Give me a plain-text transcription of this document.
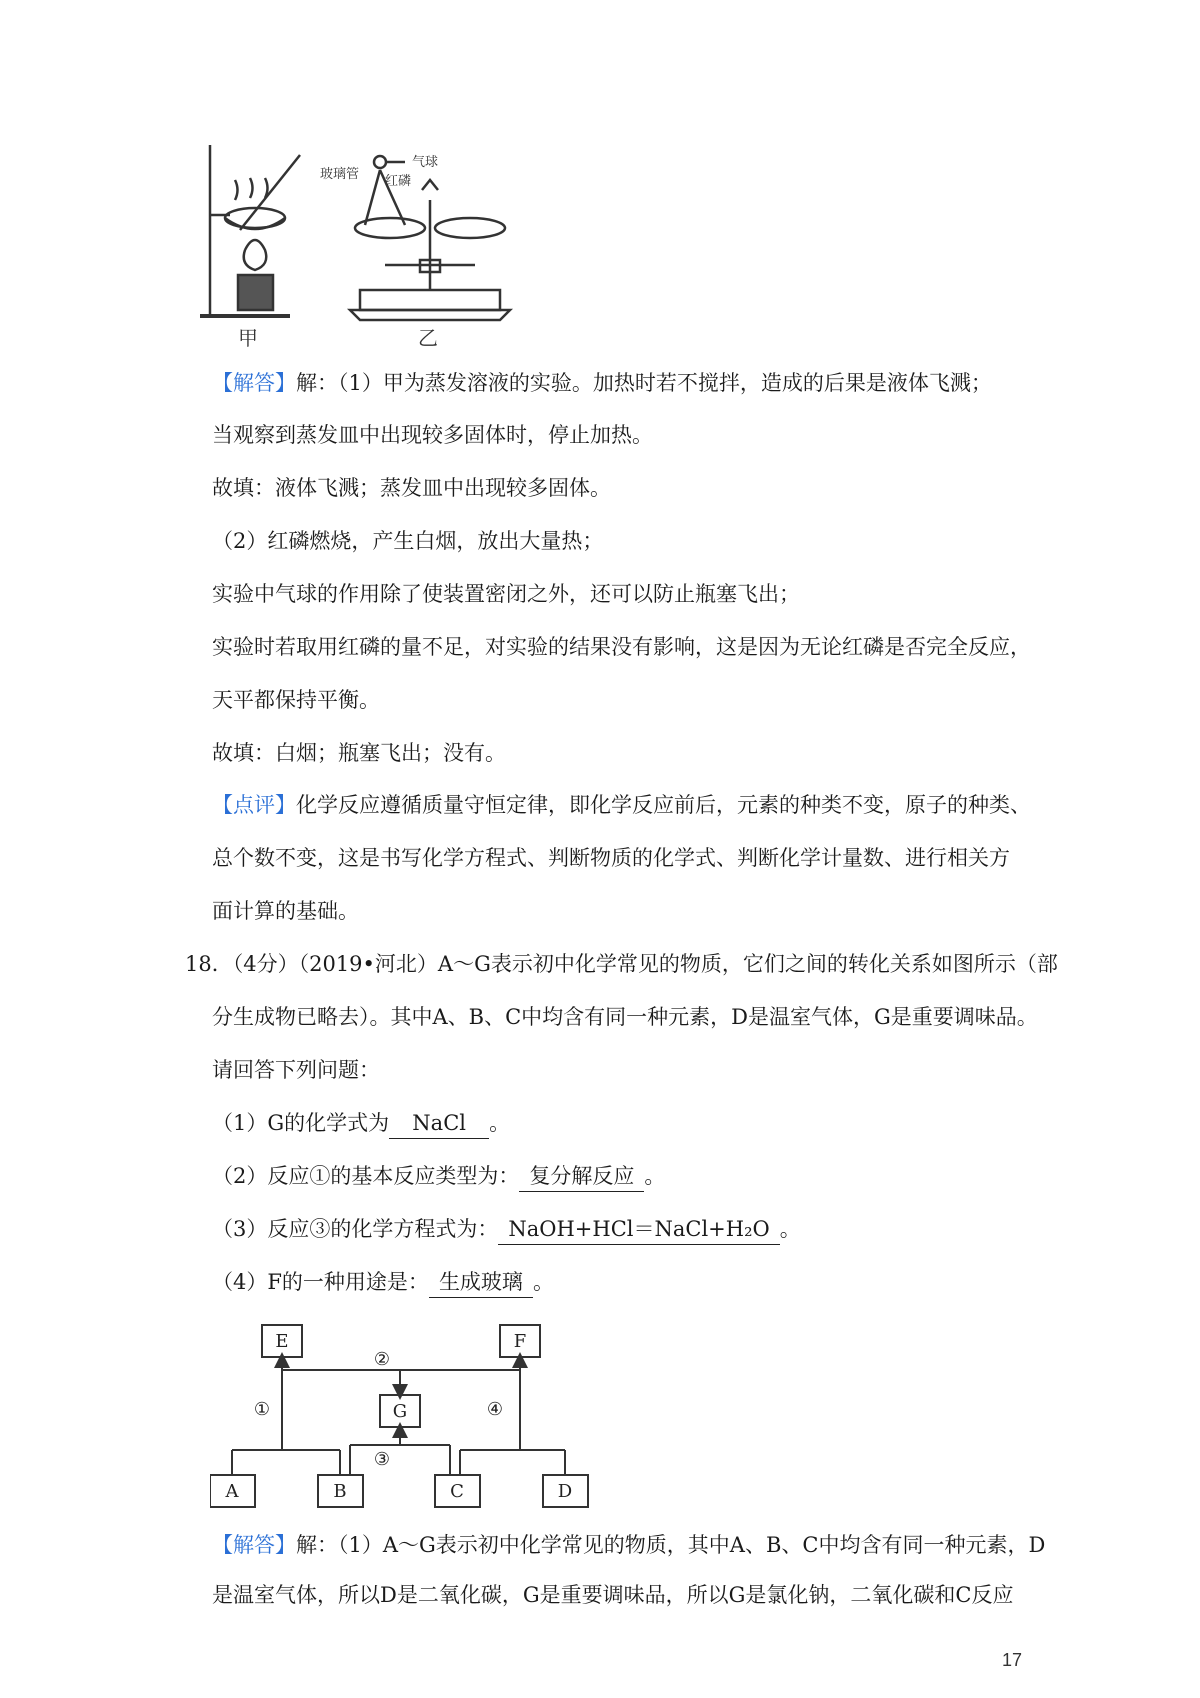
玻璃管
气球
红磷
甲	乙
【解答】解：（1）甲为蒸发溶液的实验。加热时若不搅拌，造成的后果是液体飞溅；
当观察到蒸发皿中出现较多固体时，停止加热。
故填：液体飞溅；蒸发皿中出现较多固体。
（2）红磷燃烧，产生白烟，放出大量热；
实验中气球的作用除了使装置密闭之外，还可以防止瓶塞飞出；
实验时若取用红磷的量不足，对实验的结果没有影响，这是因为无论红磷是否完全反应，
天平都保持平衡。
故填：白烟；瓶塞飞出；没有。
【点评】化学反应遵循质量守恒定律，即化学反应前后，元素的种类不变，原子的种类、
总个数不变，这是书写化学方程式、判断物质的化学式、判断化学计量数、进行相关方
面计算的基础。
18．（4分）（2019•河北）A～G表示初中化学常见的物质，它们之间的转化关系如图所示（部
分生成物已略去）。其中A、B、C中均含有同一种元素，D是温室气体，G是重要调味品。
请回答下列问题：
（1）G的化学式为 NaCl 。
（2）反应①的基本反应类型为： 复分解反应 。
（3）反应③的化学方程式为： NaOH+HCl＝NaCl+H₂O 。
（4）F的一种用途是： 生成玻璃 。
E	F
G
A	B	C	D
①
②
③
④
【解答】解：（1）A～G表示初中化学常见的物质，其中A、B、C中均含有同一种元素，D
是温室气体，所以D是二氧化碳，G是重要调味品，所以G是氯化钠，二氧化碳和C反应
17
